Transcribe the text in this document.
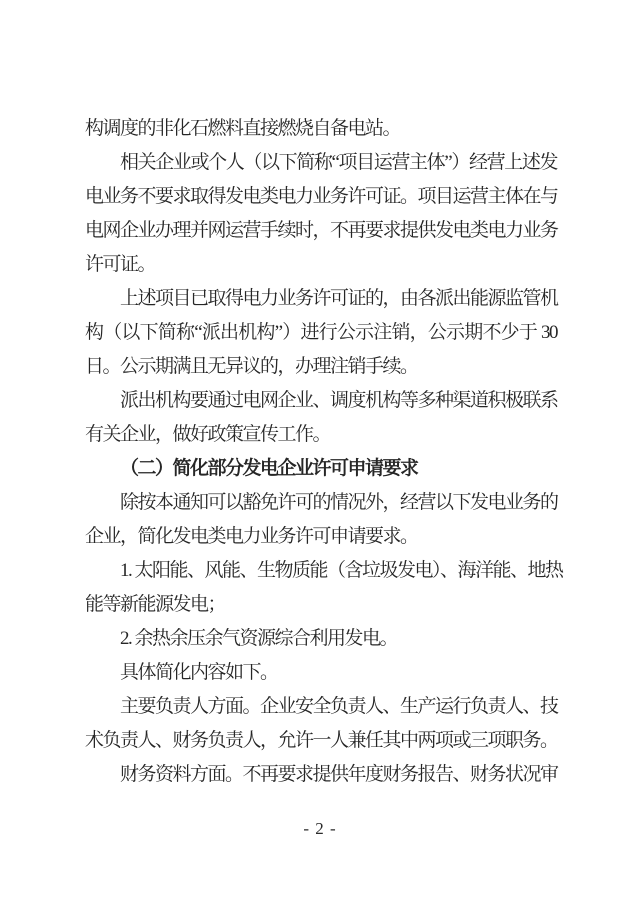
构调度的非化石燃料直接燃烧自备电站。
相关企业或个人（以下简称“项目运营主体”）经营上述发
电业务不要求取得发电类电力业务许可证。项目运营主体在与
电网企业办理并网运营手续时，不再要求提供发电类电力业务
许可证。
上述项目已取得电力业务许可证的，由各派出能源监管机
构（以下简称“派出机构”）进行公示注销，公示期不少于 30
日。公示期满且无异议的，办理注销手续。
派出机构要通过电网企业、调度机构等多种渠道积极联系
有关企业，做好政策宣传工作。
（二）简化部分发电企业许可申请要求
除按本通知可以豁免许可的情况外，经营以下发电业务的
企业，简化发电类电力业务许可申请要求。
1. 太阳能、风能、生物质能（含垃圾发电）、海洋能、地热
能等新能源发电；
2. 余热余压余气资源综合利用发电。
具体简化内容如下。
主要负责人方面。企业安全负责人、生产运行负责人、技
术负责人、财务负责人，允许一人兼任其中两项或三项职务。
财务资料方面。不再要求提供年度财务报告、财务状况审
- 2 -
